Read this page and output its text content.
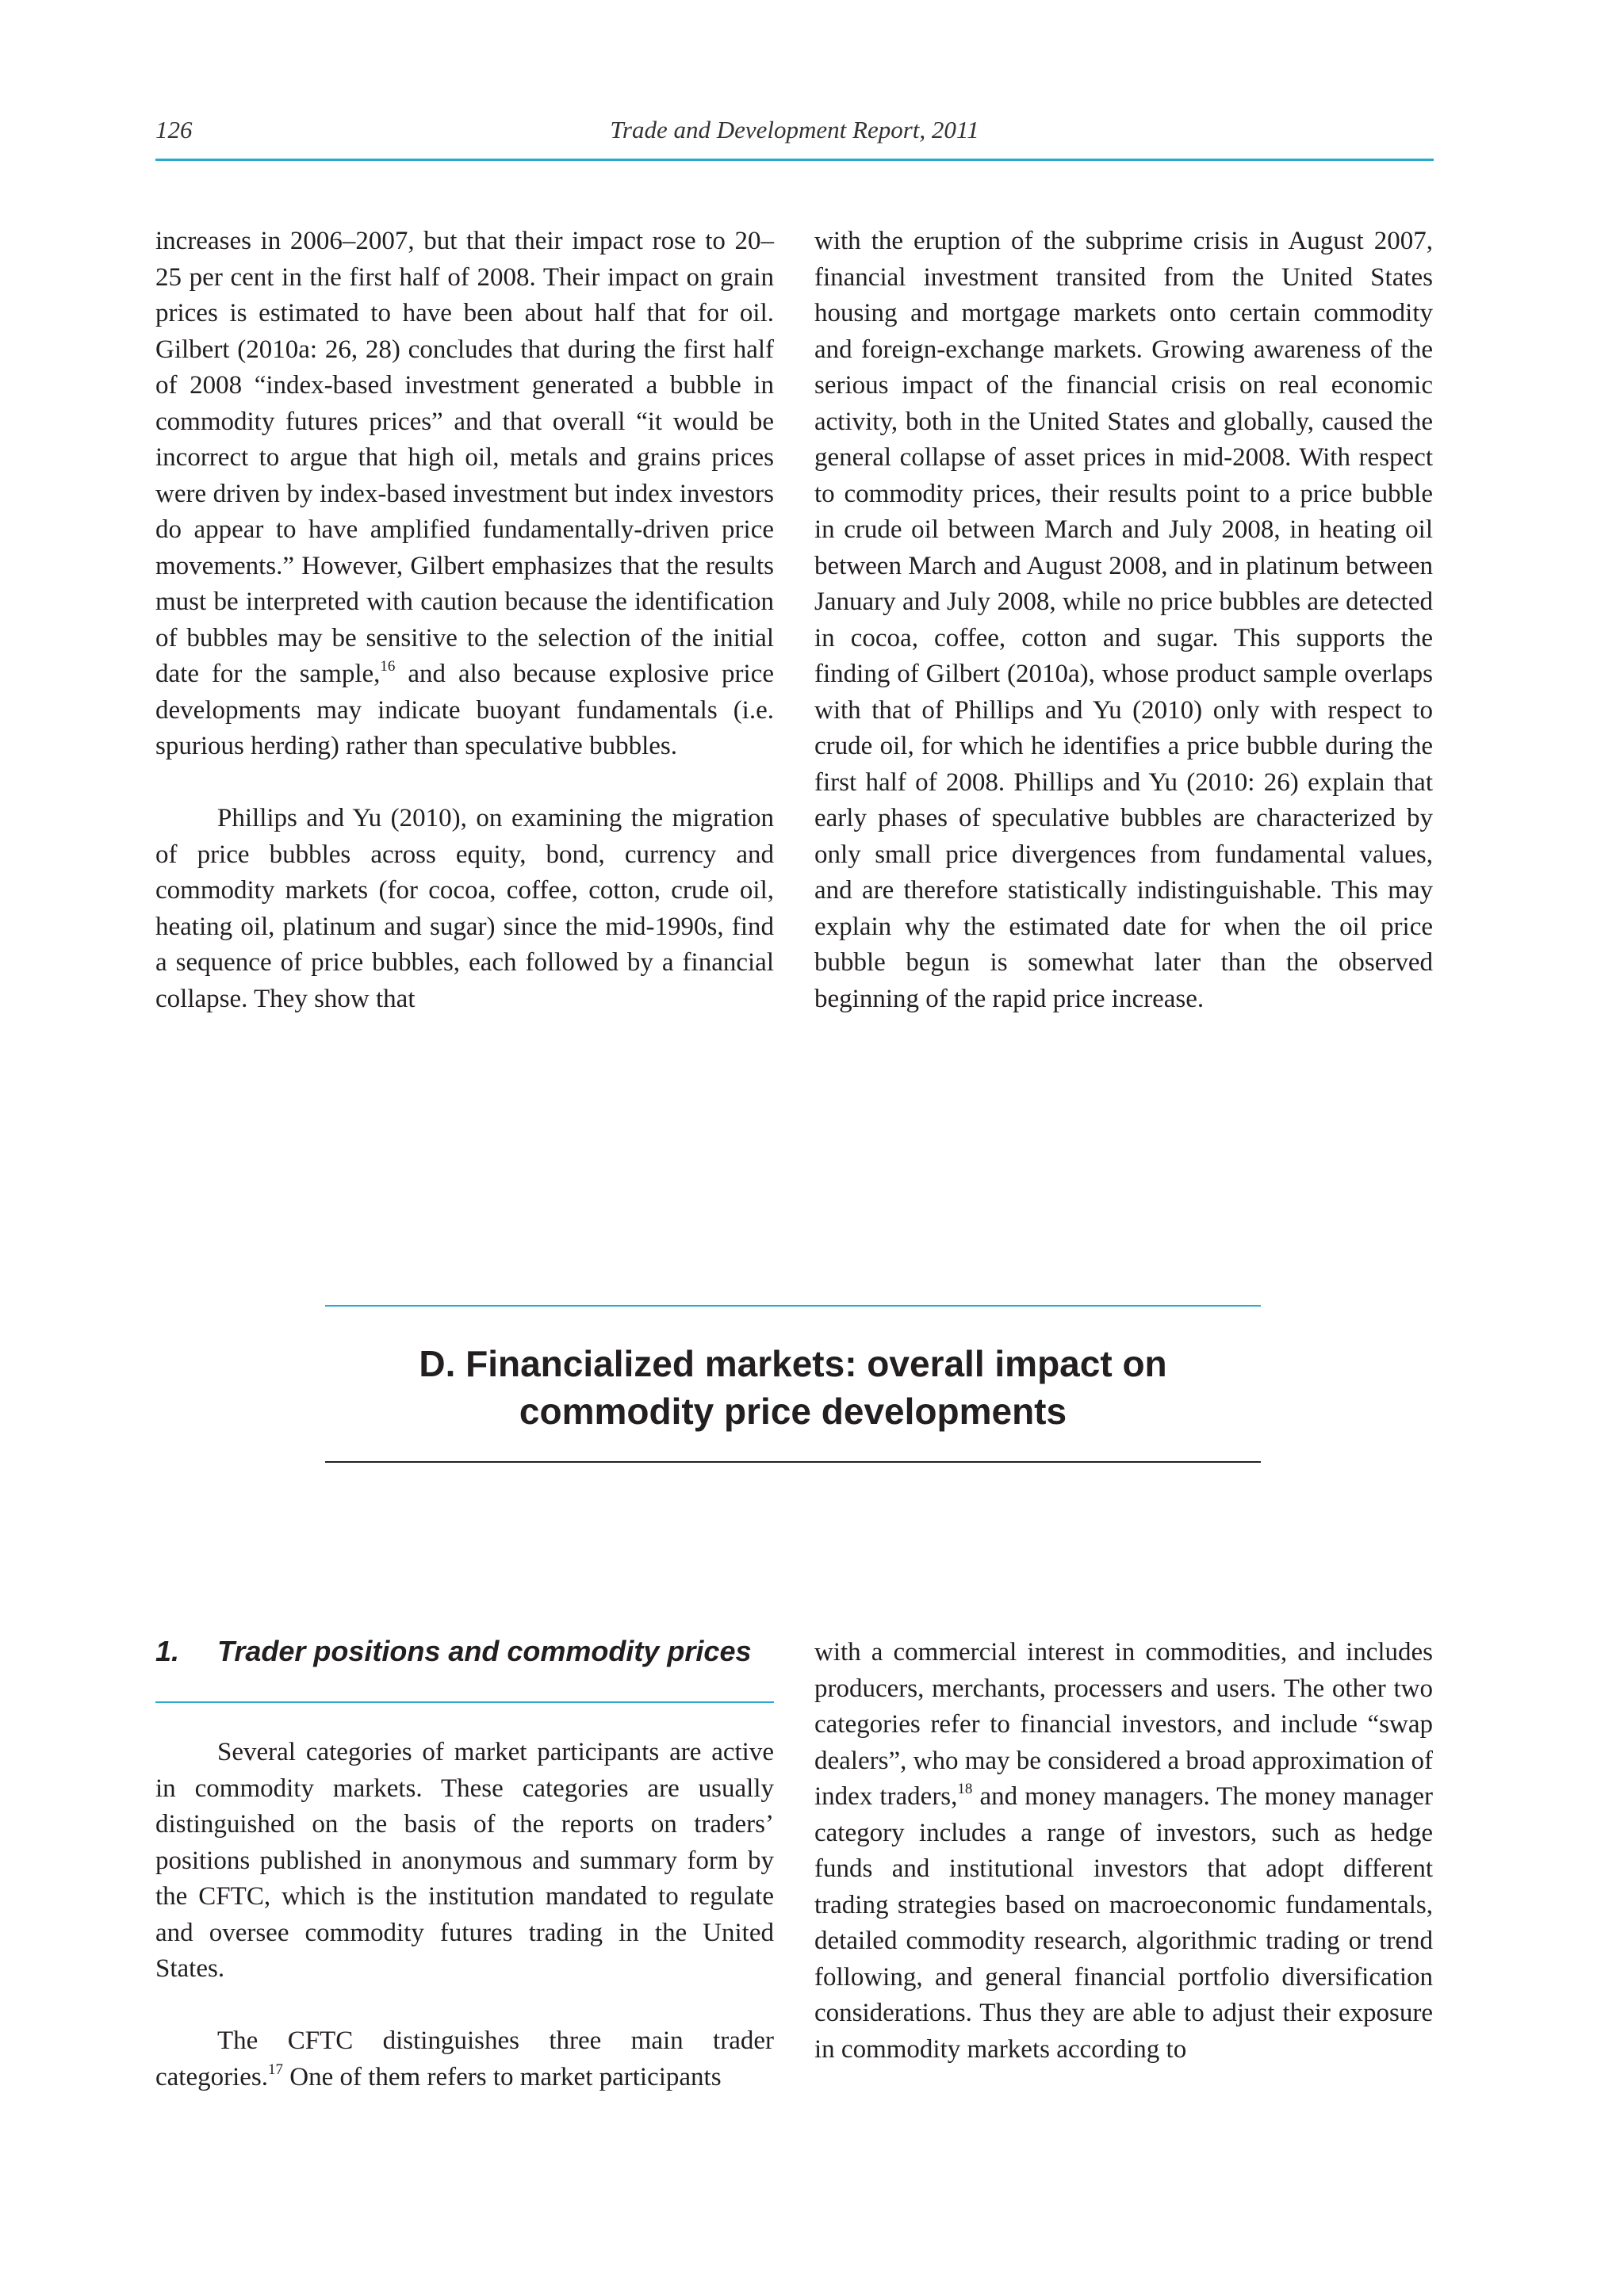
126	Trade and Development Report, 2011

increases in 2006–2007, but that their impact rose to 20–25 per cent in the first half of 2008. Their impact on grain prices is estimated to have been about half that for oil. Gilbert (2010a: 26, 28) concludes that during the first half of 2008 “index-based investment generated a bubble in commodity futures prices” and that overall “it would be incorrect to argue that high oil, metals and grains prices were driven by index-based investment but index investors do appear to have amplified fundamentally-driven price movements.” However, Gilbert emphasizes that the results must be interpreted with caution because the identification of bubbles may be sensitive to the selection of the initial date for the sample,$^{16}$ and also because explosive price developments may indicate buoyant fundamentals (i.e. spurious herding) rather than speculative bubbles.

Phillips and Yu (2010), on examining the migration of price bubbles across equity, bond, currency and commodity markets (for cocoa, coffee, cotton, crude oil, heating oil, platinum and sugar) since the mid-1990s, find a sequence of price bubbles, each followed by a financial collapse. They show that

with the eruption of the subprime crisis in August 2007, financial investment transited from the United States housing and mortgage markets onto certain commodity and foreign-exchange markets. Growing awareness of the serious impact of the financial crisis on real economic activity, both in the United States and globally, caused the general collapse of asset prices in mid-2008. With respect to commodity prices, their results point to a price bubble in crude oil between March and July 2008, in heating oil between March and August 2008, and in platinum between January and July 2008, while no price bubbles are detected in cocoa, coffee, cotton and sugar. This supports the finding of Gilbert (2010a), whose product sample overlaps with that of Phillips and Yu (2010) only with respect to crude oil, for which he identifies a price bubble during the first half of 2008. Phillips and Yu (2010: 26) explain that early phases of speculative bubbles are characterized by only small price divergences from fundamental values, and are therefore statistically indistinguishable. This may explain why the estimated date for when the oil price bubble begun is somewhat later than the observed beginning of the rapid price increase.

D. Financialized markets: overall impact on
commodity price developments
1. Trader positions and commodity prices

Several categories of market participants are active in commodity markets. These categories are usually distinguished on the basis of the reports on traders’ positions published in anonymous and summary form by the CFTC, which is the institution mandated to regulate and oversee commodity futures trading in the United States.

The CFTC distinguishes three main trader categories.$^{17}$ One of them refers to market participants

with a commercial interest in commodities, and includes producers, merchants, processers and users. The other two categories refer to financial investors, and include “swap dealers”, who may be considered a broad approximation of index traders,$^{18}$ and money managers. The money manager category includes a range of investors, such as hedge funds and institutional investors that adopt different trading strategies based on macroeconomic fundamentals, detailed commodity research, algorithmic trading or trend following, and general financial portfolio diversification considerations. Thus they are able to adjust their exposure in commodity markets according to
